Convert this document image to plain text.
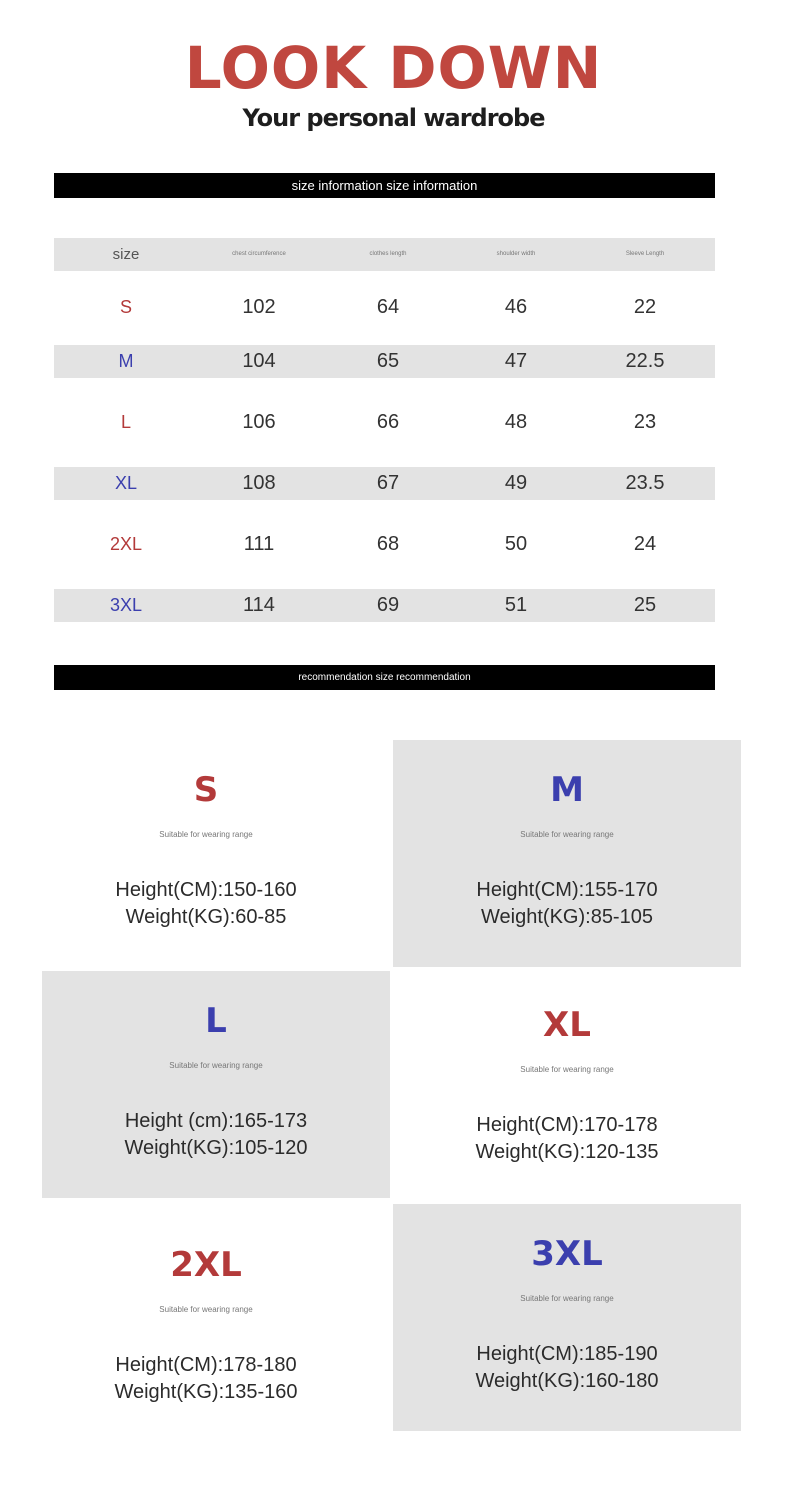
LOOK DOWN
Your personal wardrobe
size information size information
size	chest circumference	clothes length	shoulder width	Sleeve Length
S	102	64	46	22
M	104	65	47	22.5
L	106	66	48	23
XL	108	67	49	23.5
2XL	111	68	50	24
3XL	114	69	51	25
recommendation size recommendation
S
Suitable for wearing range
Height(CM):150-160
Weight(KG):60-85
M
Suitable for wearing range
Height(CM):155-170
Weight(KG):85-105
L
Suitable for wearing range
Height (cm):165-173
Weight(KG):105-120
XL
Suitable for wearing range
Height(CM):170-178
Weight(KG):120-135
2XL
Suitable for wearing range
Height(CM):178-180
Weight(KG):135-160
3XL
Suitable for wearing range
Height(CM):185-190
Weight(KG):160-180
